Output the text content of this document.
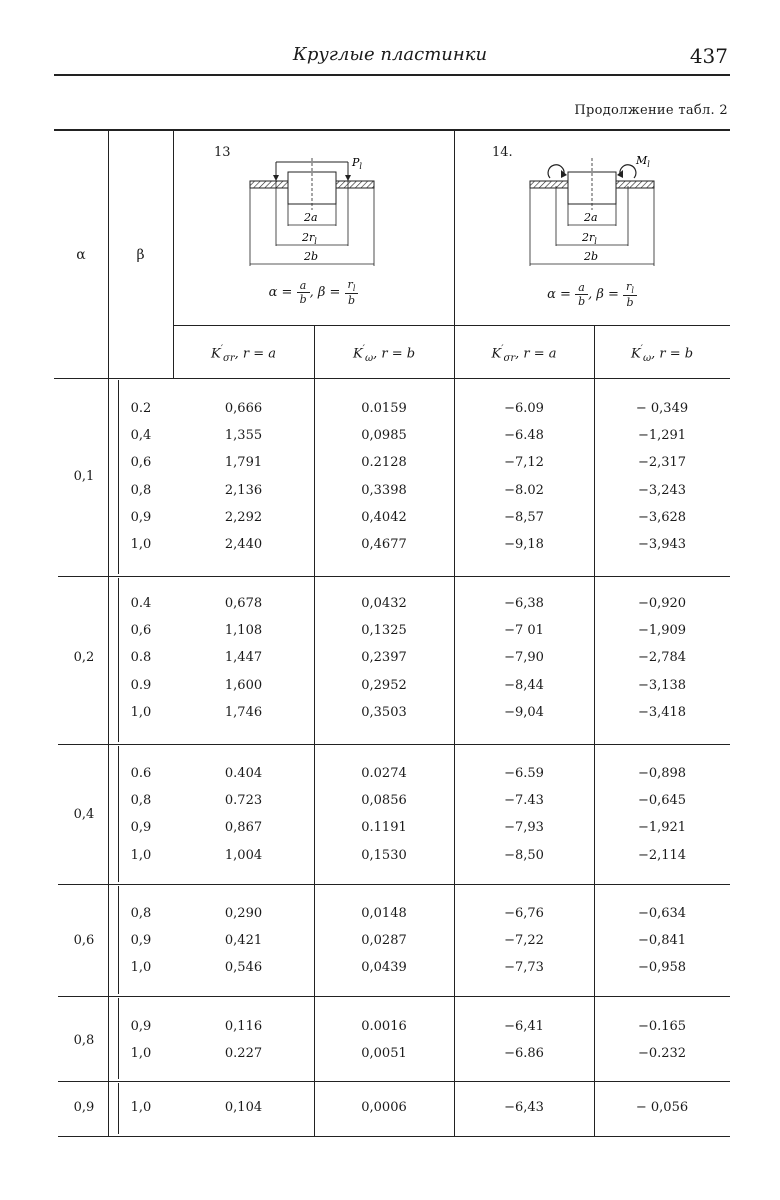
Круглые пластинки	437
Продолжение табл. 2
α	β
13
$P_l$
2a
$2r_l$
2b
$\alpha = \frac{a}{b}$ , $\beta = \frac{r_l}{b}$
$K'_{\sigma r}$, r = a	$K'_\omega$, r = b
14.
$M_l$
2a
$2r_l$
2b
$\alpha = \frac{a}{b}$ , $\beta = \frac{r_l}{b}$
$K'_{\sigma r}$, r = a	$K'_\omega$, r = b
0,1
0.2	0,666	0.0159	−6.09	− 0,349
0,4	1,355	0,0985	−6.48	−1,291
0,6	1,791	0.2128	−7,12	−2,317
0,8	2,136	0,3398	−8.02	−3,243
0,9	2,292	0,4042	−8,57	−3,628
1,0	2,440	0,4677	−9,18	−3,943
0,2
0.4	0,678	0,0432	−6,38	−0,920
0,6	1,108	0,1325	−7 01	−1,909
0.8	1,447	0,2397	−7,90	−2,784
0.9	1,600	0,2952	−8,44	−3,138
1,0	1,746	0,3503	−9,04	−3,418
0,4
0.6	0.404	0.0274	−6.59	−0,898
0,8	0.723	0,0856	−7.43	−0,645
0,9	0,867	0.1191	−7,93	−1,921
1,0	1,004	0,1530	−8,50	−2,114
0,6
0,8	0,290	0,0148	−6,76	−0,634
0,9	0,421	0,0287	−7,22	−0,841
1,0	0,546	0,0439	−7,73	−0,958
0,8
0,9	0,116	0.0016	−6,41	−0.165
1,0	0.227	0,0051	−6.86	−0.232
0,9	1,0	0,104	0,0006	−6,43	− 0,056
